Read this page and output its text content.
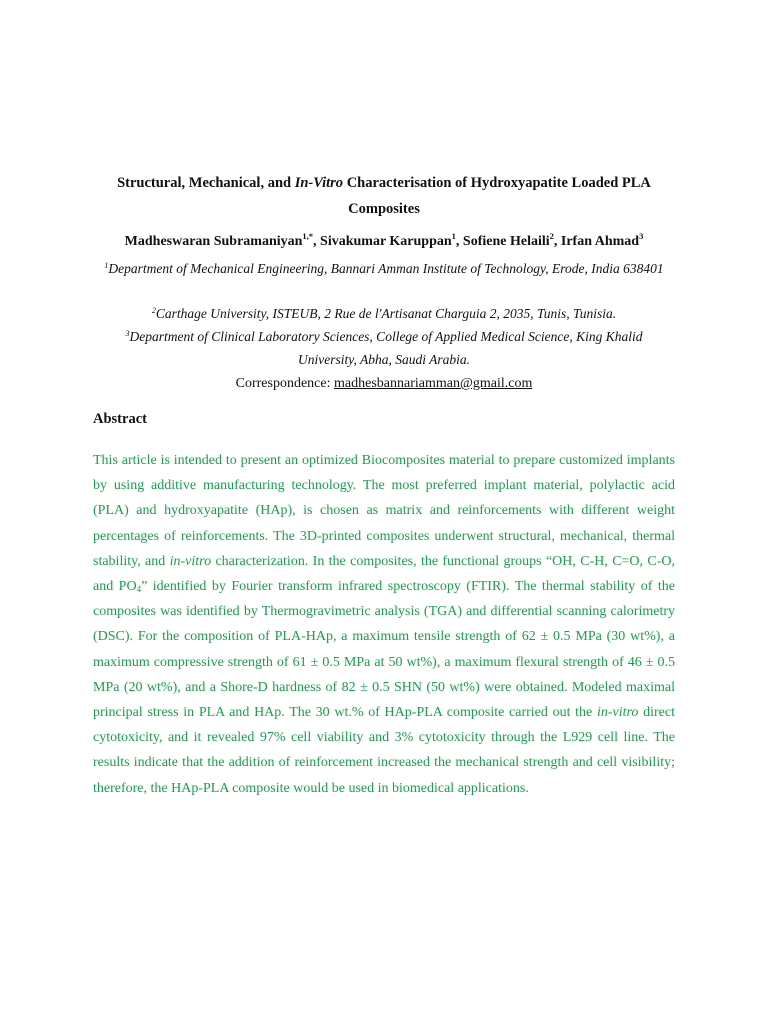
Structural, Mechanical, and In-Vitro Characterisation of Hydroxyapatite Loaded PLA Composites
Madheswaran Subramaniyan$^{1,*}$, Sivakumar Karuppan$^1$, Sofiene Helaili$^2$, Irfan Ahmad$^3$
$^1$Department of Mechanical Engineering, Bannari Amman Institute of Technology, Erode, India 638401
$^2$Carthage University, ISTEUB, 2 Rue de l'Artisanat Charguia 2, 2035, Tunis, Tunisia.
$^3$Department of Clinical Laboratory Sciences, College of Applied Medical Science, King Khalid University, Abha, Saudi Arabia.
Correspondence: madhesbannariamman@gmail.com
Abstract

This article is intended to present an optimized Biocomposites material to prepare customized implants by using additive manufacturing technology. The most preferred implant material, polylactic acid (PLA) and hydroxyapatite (HAp), is chosen as matrix and reinforcements with different weight percentages of reinforcements. The 3D-printed composites underwent structural, mechanical, thermal stability, and in-vitro characterization. In the composites, the functional groups “OH, C-H, C=O, C-O, and $PO_4$” identified by Fourier transform infrared spectroscopy (FTIR). The thermal stability of the composites was identified by Thermogravimetric analysis (TGA) and differential scanning calorimetry (DSC). For the composition of PLA-HAp, a maximum tensile strength of 62 ± 0.5 MPa (30 wt%), a maximum compressive strength of 61 ± 0.5 MPa at 50 wt%), a maximum flexural strength of 46 ± 0.5 MPa (20 wt%), and a Shore-D hardness of 82 ± 0.5 SHN (50 wt%) were obtained. Modeled maximal principal stress in PLA and HAp. The 30 wt.% of HAp-PLA composite carried out the in-vitro direct cytotoxicity, and it revealed 97% cell viability and 3% cytotoxicity through the L929 cell line. The results indicate that the addition of reinforcement increased the mechanical strength and cell visibility; therefore, the HAp-PLA composite would be used in biomedical applications.
